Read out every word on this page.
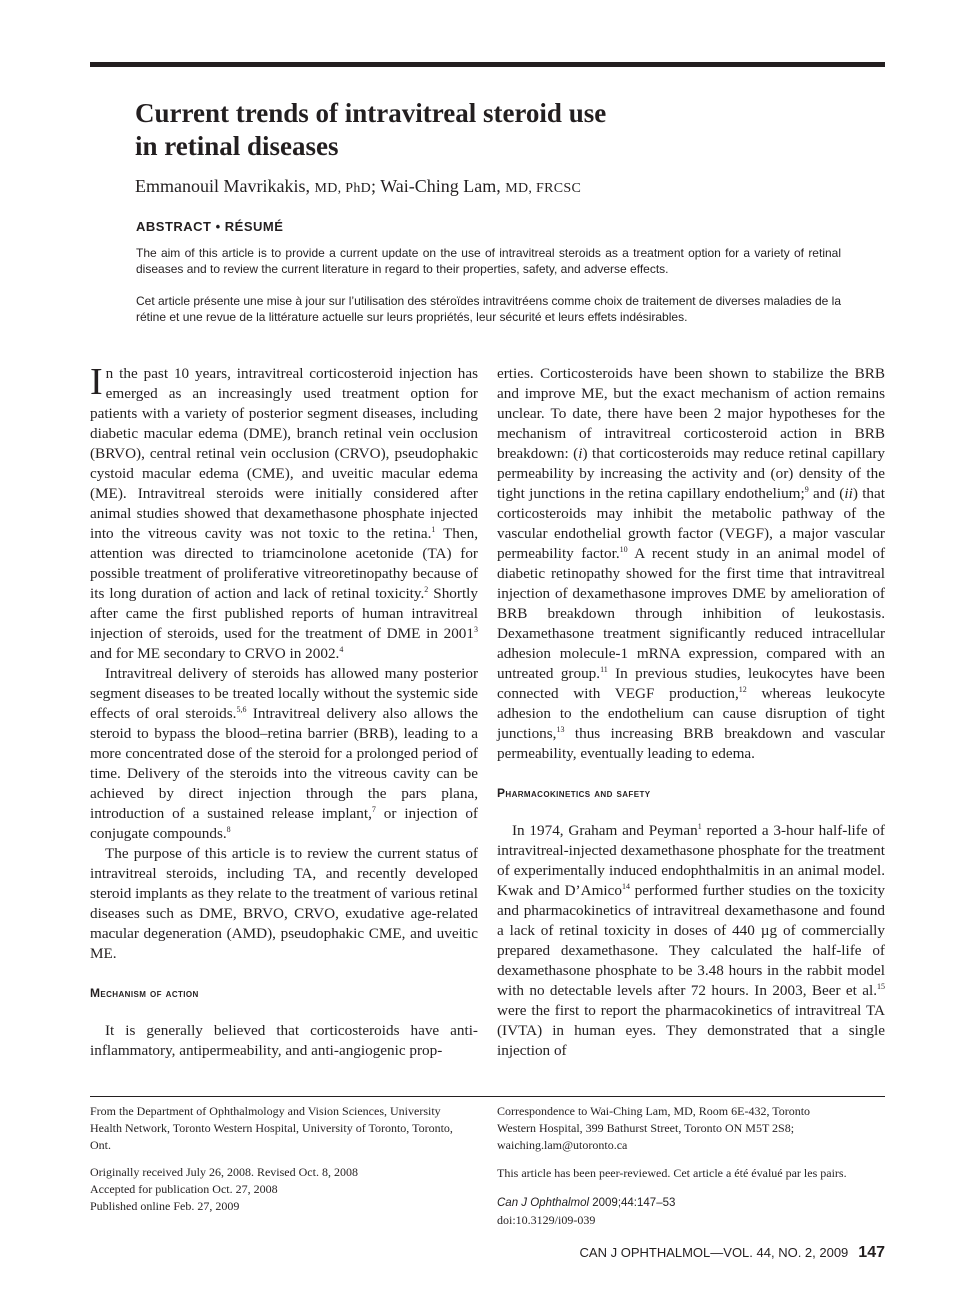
Current trends of intravitreal steroid use
in retinal diseases
Emmanouil Mavrikakis, MD, PhD; Wai-Ching Lam, MD, FRCSC
ABSTRACT • RÉSUMÉ

The aim of this article is to provide a current update on the use of intravitreal steroids as a treatment option for a variety of retinal diseases and to review the current literature in regard to their properties, safety, and adverse effects.

Cet article présente une mise à jour sur l’utilisation des stéroïdes intravitréens comme choix de traitement de diverses maladies de la rétine et une revue de la littérature actuelle sur leurs propriétés, leur sécurité et leurs effets indésirables.

In the past 10 years, intravitreal corticosteroid injection has emerged as an increasingly used treatment option for patients with a variety of posterior segment diseases, including diabetic macular edema (DME), branch retinal vein occlusion (BRVO), central retinal vein occlusion (CRVO), pseudophakic cystoid macular edema (CME), and uveitic macular edema (ME). Intravitreal steroids were initially considered after animal studies showed that dexamethasone phosphate injected into the vitreous cavity was not toxic to the retina.$^1$ Then, attention was directed to triamcinolone acetonide (TA) for possible treatment of proliferative vitreoretinopathy because of its long duration of action and lack of retinal toxicity.$^2$ Shortly after came the first published reports of human intravitreal injection of steroids, used for the treatment of DME in 2001$^3$ and for ME secondary to CRVO in 2002.$^4$

Intravitreal delivery of steroids has allowed many posterior segment diseases to be treated locally without the systemic side effects of oral steroids.$^{5,6}$ Intravitreal delivery also allows the steroid to bypass the blood–retina barrier (BRB), leading to a more concentrated dose of the steroid for a prolonged period of time. Delivery of the steroids into the vitreous cavity can be achieved by direct injection through the pars plana, introduction of a sustained release implant,$^7$ or injection of conjugate compounds.$^8$

The purpose of this article is to review the current status of intravitreal steroids, including TA, and recently developed steroid implants as they relate to the treatment of various retinal diseases such as DME, BRVO, CRVO, exudative age-related macular degeneration (AMD), pseudophakic CME, and uveitic ME.

Mechanism of action

It is generally believed that corticosteroids have anti-inflammatory, antipermeability, and anti-angiogenic prop-

erties. Corticosteroids have been shown to stabilize the BRB and improve ME, but the exact mechanism of action remains unclear. To date, there have been 2 major hypotheses for the mechanism of intravitreal corticosteroid action in BRB breakdown: (i) that corticosteroids may reduce retinal capillary permeability by increasing the activity and (or) density of the tight junctions in the retina capillary endothelium;$^9$ and (ii) that corticosteroids may inhibit the metabolic pathway of the vascular endothelial growth factor (VEGF), a major vascular permeability factor.$^{10}$ A recent study in an animal model of diabetic retinopathy showed for the first time that intravitreal injection of dexamethasone improves DME by amelioration of BRB breakdown through inhibition of leukostasis. Dexamethasone treatment significantly reduced intracellular adhesion molecule-1 mRNA expression, compared with an untreated group.$^{11}$ In previous studies, leukocytes have been connected with VEGF production,$^{12}$ whereas leukocyte adhesion to the endothelium can cause disruption of tight junctions,$^{13}$ thus increasing BRB breakdown and vascular permeability, eventually leading to edema.

Pharmacokinetics and safety

In 1974, Graham and Peyman$^1$ reported a 3-hour half-life of intravitreal-injected dexamethasone phosphate for the treatment of experimentally induced endophthalmitis in an animal model. Kwak and D’Amico$^{14}$ performed further studies on the toxicity and pharmacokinetics of intravitreal dexamethasone and found a lack of retinal toxicity in doses of 440 µg of commercially prepared dexamethasone. They calculated the half-life of dexamethasone phosphate to be 3.48 hours in the rabbit model with no detectable levels after 72 hours. In 2003, Beer et al.$^{15}$ were the first to report the pharmacokinetics of intravitreal TA (IVTA) in human eyes. They demonstrated that a single injection of

From the Department of Ophthalmology and Vision Sciences, University Health Network, Toronto Western Hospital, University of Toronto, Toronto, Ont.

Originally received July 26, 2008. Revised Oct. 8, 2008
Accepted for publication Oct. 27, 2008
Published online Feb. 27, 2009

Correspondence to Wai-Ching Lam, MD, Room 6E-432, Toronto
Western Hospital, 399 Bathurst Street, Toronto ON M5T 2S8;
waiching.lam@utoronto.ca

This article has been peer-reviewed. Cet article a été évalué par les pairs.

Can J Ophthalmol 2009;44:147–53
doi:10.3129/i09-039

CAN J OPHTHALMOL—VOL. 44, NO. 2, 2009 147
